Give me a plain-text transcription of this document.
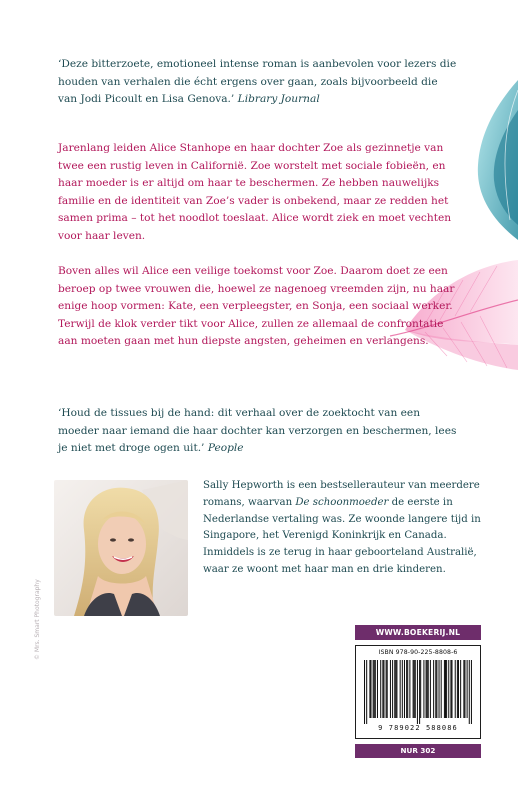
‘Deze bitterzoete, emotioneel intense roman is aanbevolen voor lezers die houden van verhalen die écht ergens over gaan, zoals bijvoorbeeld die van Jodi Picoult en Lisa Genova.’ Library Journal

Jarenlang leiden Alice Stanhope en haar dochter Zoe als gezinnetje van twee een rustig leven in Californië. Zoe worstelt met sociale fobieën, en haar moeder is er altijd om haar te beschermen. Ze hebben nauwelijks familie en de identiteit van Zoe’s vader is onbekend, maar ze redden het samen prima – tot het noodlot toeslaat. Alice wordt ziek en moet vechten voor haar leven.

Boven alles wil Alice een veilige toekomst voor Zoe. Daarom doet ze een beroep op twee vrouwen die, hoewel ze nagenoeg vreemden zijn, nu haar enige hoop vormen: Kate, een verpleegster, en Sonja, een sociaal werker. Terwijl de klok verder tikt voor Alice, zullen ze allemaal de confrontatie aan moeten gaan met hun diepste angsten, geheimen en verlangens.

‘Houd de tissues bij de hand: dit verhaal over de zoektocht van een moeder naar iemand die haar dochter kan verzorgen en beschermen, lees je niet met droge ogen uit.’ People

© Mrs. Smart Photography

Sally Hepworth is een bestsellerauteur van meerdere romans, waarvan De schoonmoeder de eerste in Nederlandse vertaling was. Ze woonde langere tijd in Singapore, het Verenigd Koninkrijk en Canada. Inmiddels is ze terug in haar geboorteland Australië, waar ze woont met haar man en drie kinderen.

WWW.BOEKERIJ.NL
ISBN 978-90-225-8808-6
9 789022 588086
NUR 302
